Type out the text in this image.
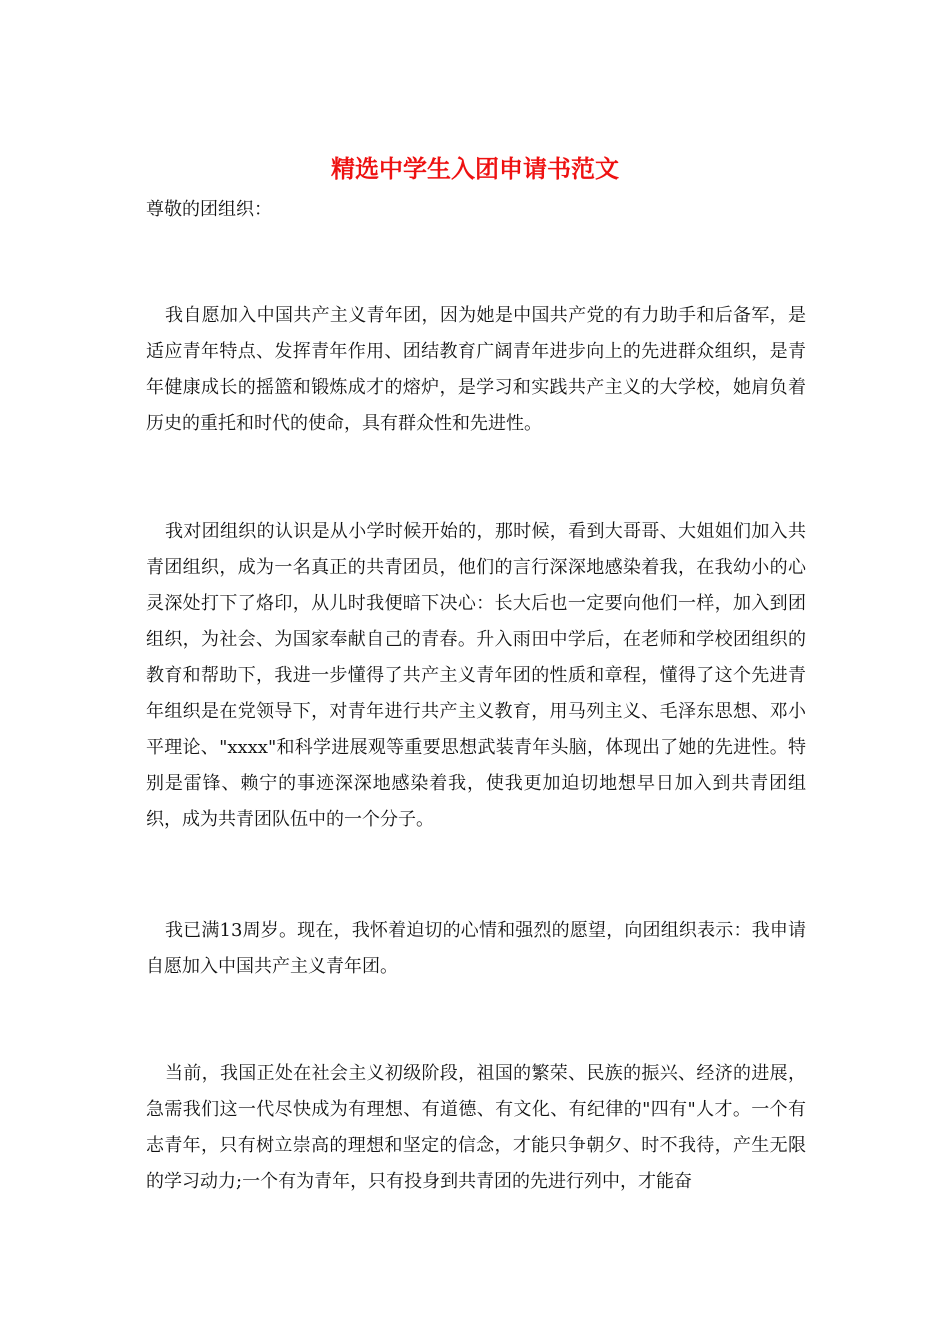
精选中学生入团申请书范文
尊敬的团组织：

我自愿加入中国共产主义青年团，因为她是中国共产党的有力助手和后备军，是适应青年特点、发挥青年作用、团结教育广阔青年进步向上的先进群众组织，是青年健康成长的摇篮和锻炼成才的熔炉，是学习和实践共产主义的大学校，她肩负着历史的重托和时代的使命，具有群众性和先进性。

我对团组织的认识是从小学时候开始的，那时候，看到大哥哥、大姐姐们加入共青团组织，成为一名真正的共青团员，他们的言行深深地感染着我，在我幼小的心灵深处打下了烙印，从儿时我便暗下决心：长大后也一定要向他们一样，加入到团组织，为社会、为国家奉献自己的青春。升入雨田中学后，在老师和学校团组织的教育和帮助下，我进一步懂得了共产主义青年团的性质和章程，懂得了这个先进青年组织是在党领导下，对青年进行共产主义教育，用马列主义、毛泽东思想、邓小平理论、"xxxx"和科学进展观等重要思想武装青年头脑，体现出了她的先进性。特别是雷锋、赖宁的事迹深深地感染着我，使我更加迫切地想早日加入到共青团组织，成为共青团队伍中的一个分子。

我已满13周岁。现在，我怀着迫切的心情和强烈的愿望，向团组织表示：我申请自愿加入中国共产主义青年团。

当前，我国正处在社会主义初级阶段，祖国的繁荣、民族的振兴、经济的进展，急需我们这一代尽快成为有理想、有道德、有文化、有纪律的"四有"人才。一个有志青年，只有树立崇高的理想和坚定的信念，才能只争朝夕、时不我待，产生无限的学习动力;一个有为青年，只有投身到共青团的先进行列中，才能奋
